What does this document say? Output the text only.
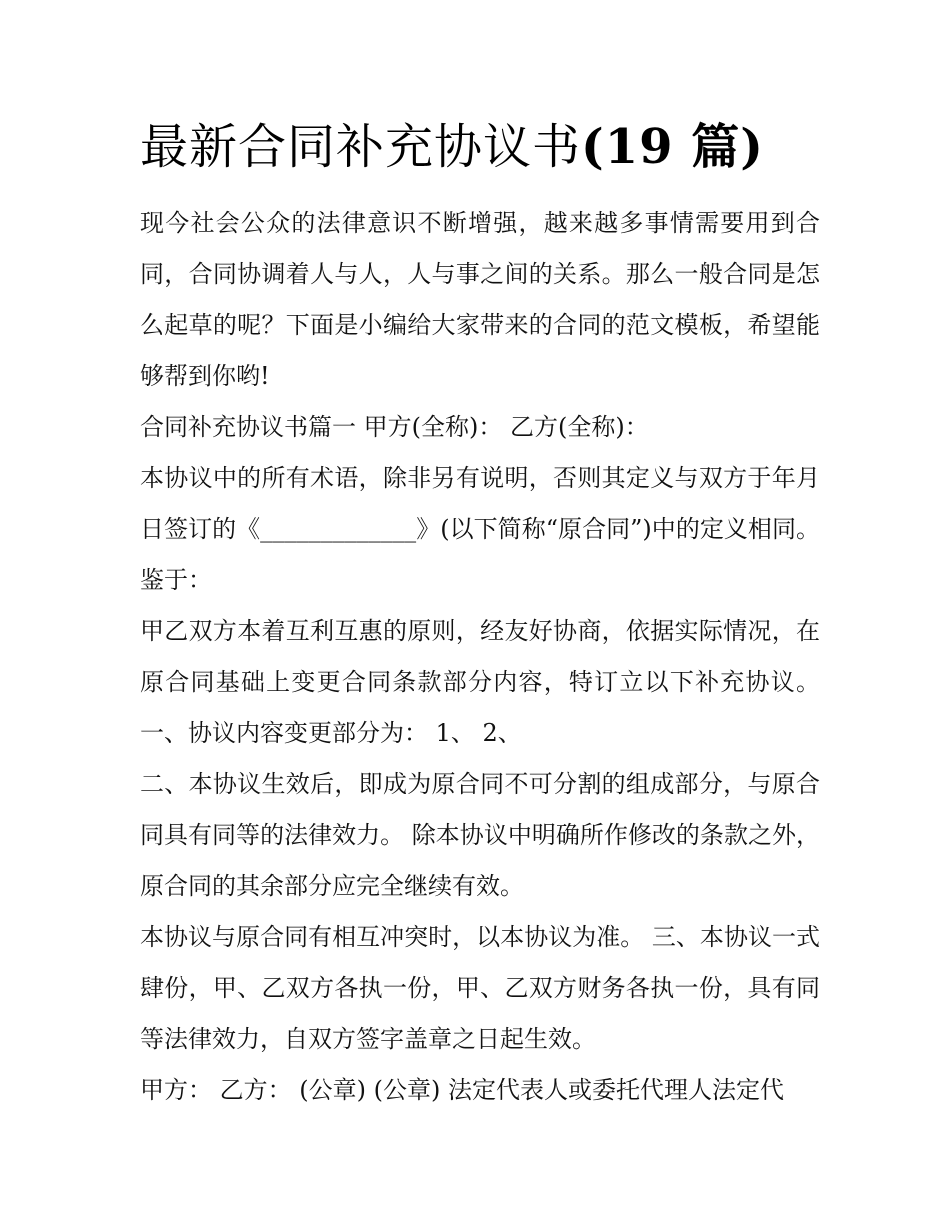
最新合同补充协议书(19 篇)

现今社会公众的法律意识不断增强，越来越多事情需要用到合同，合同协调着人与人，人与事之间的关系。那么一般合同是怎么起草的呢？下面是小编给大家带来的合同的范文模板，希望能够帮到你哟!

合同补充协议书篇一 甲方(全称)： 乙方(全称)：

本协议中的所有术语，除非另有说明，否则其定义与双方于年月日签订的《_____________》(以下简称“原合同”)中的定义相同。 鉴于：

甲乙双方本着互利互惠的原则，经友好协商，依据实际情况，在原合同基础上变更合同条款部分内容，特订立以下补充协议。 一、协议内容变更部分为： 1、 2、

二、本协议生效后，即成为原合同不可分割的组成部分，与原合同具有同等的法律效力。 除本协议中明确所作修改的条款之外，原合同的其余部分应完全继续有效。

本协议与原合同有相互冲突时，以本协议为准。 三、本协议一式肆份，甲、乙双方各执一份，甲、乙双方财务各执一份，具有同等法律效力，自双方签字盖章之日起生效。

甲方： 乙方： (公章) (公章) 法定代表人或委托代理人法定代
